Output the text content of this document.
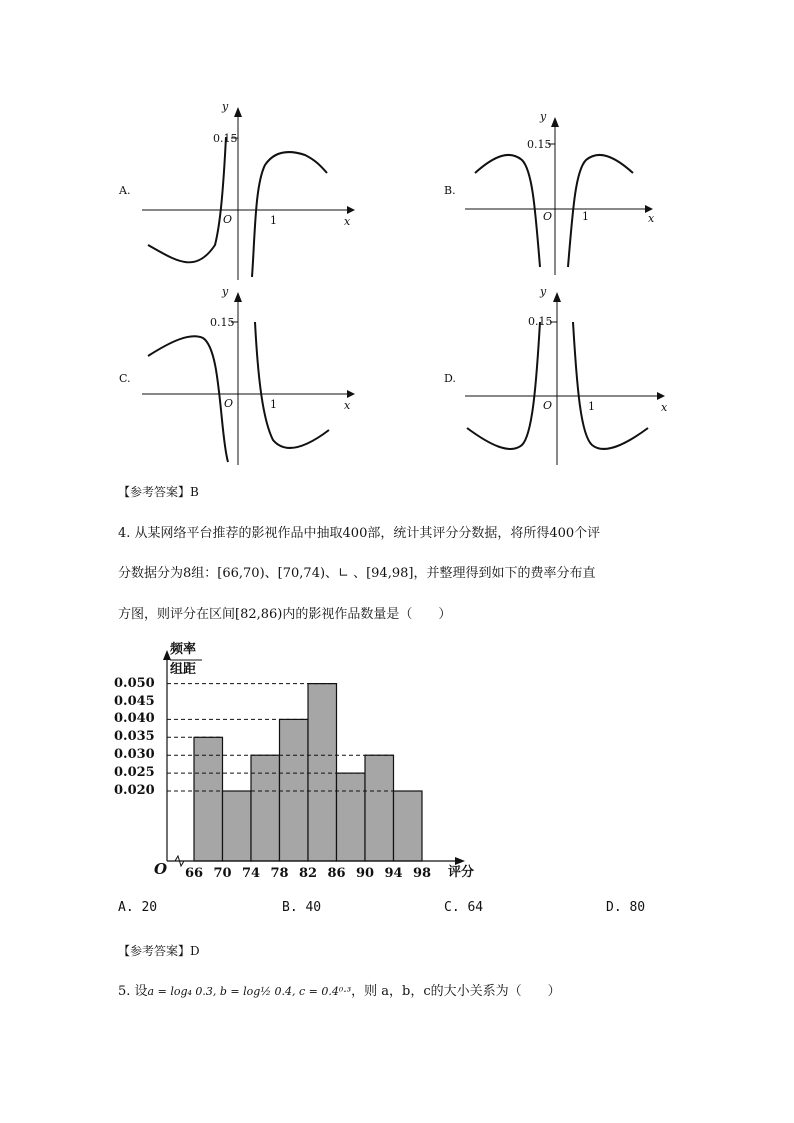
A.
y
0.15
O	1	x
B.
y
0.15
O	1	x
C.
y
0.15
O	1	x
D.
y
0.15
O	1	x
【参考答案】B
4. 从某网络平台推荐的影视作品中抽取400部，统计其评分分数据，将所得400个评
分数据分为8组：[66,70)、[70,74)、∟ 、[94,98]，并整理得到如下的费率分布直
方图，则评分在区间[82,86)内的影视作品数量是（　　）
频率
组距
O	评分
0.050
0.045
0.040
0.035
0.030
0.025
0.020
66 70 74 78 82 86 90 94 98
A. 20	B. 40	C. 64	D. 80
【参考答案】D
5. 设a = log₄ 0.3, b = log½ 0.4, c = 0.4⁰·³，则 a，b，c的大小关系为（　　）
